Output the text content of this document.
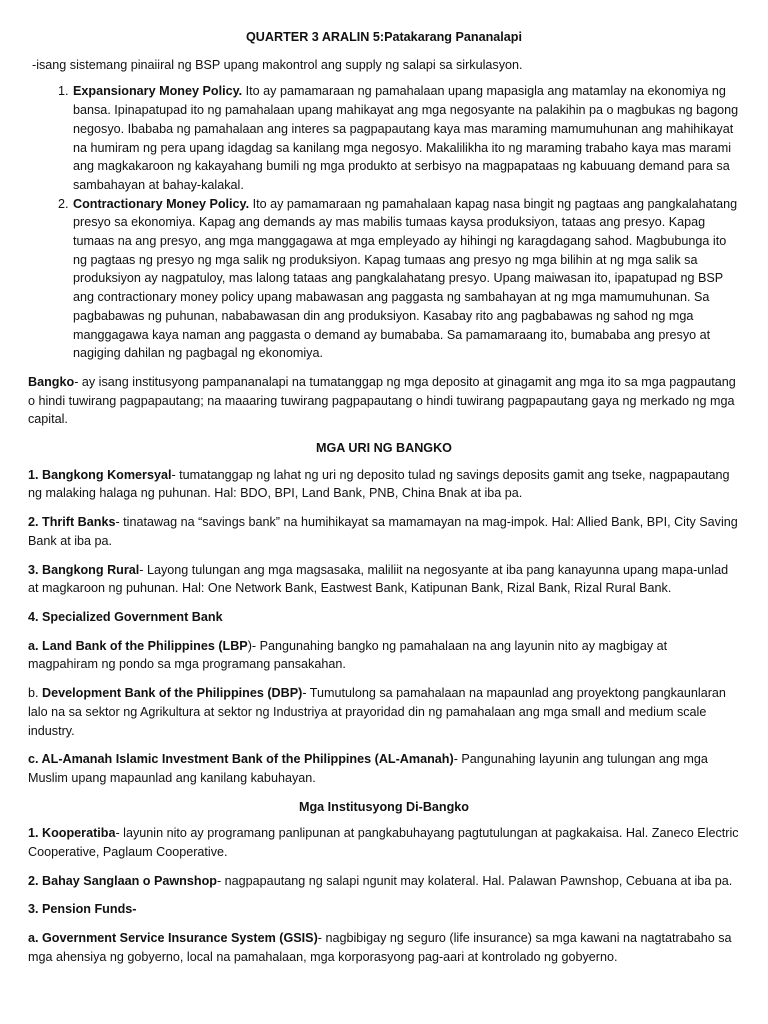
QUARTER 3 ARALIN 5:Patakarang Pananalapi
-isang sistemang pinaiiral ng BSP upang makontrol ang supply ng salapi sa sirkulasyon.
1. Expansionary Money Policy. Ito ay pamamaraan ng pamahalaan upang mapasigla ang matamlay na ekonomiya ng bansa. Ipinapatupad ito ng pamahalaan upang mahikayat ang mga negosyante na palakihin pa o magbukas ng bagong negosyo. Ibababa ng pamahalaan ang interes sa pagpapautang kaya mas maraming mamumuhunan ang mahihikayat na humiram ng pera upang idagdag sa kanilang mga negosyo. Makalilikha ito ng maraming trabaho kaya mas marami ang magkakaroon ng kakayahang bumili ng mga produkto at serbisyo na magpapataas ng kabuuang demand para sa sambahayan at bahay-kalakal.
2. Contractionary Money Policy. Ito ay pamamaraan ng pamahalaan kapag nasa bingit ng pagtaas ang pangkalahatang presyo sa ekonomiya. Kapag ang demands ay mas mabilis tumaas kaysa produksiyon, tataas ang presyo. Kapag tumaas na ang presyo, ang mga manggagawa at mga empleyado ay hihingi ng karagdagang sahod. Magbubunga ito ng pagtaas ng presyo ng mga salik ng produksiyon. Kapag tumaas ang presyo ng mga bilihin at ng mga salik sa produksiyon ay nagpatuloy, mas lalong tataas ang pangkalahatang presyo. Upang maiwasan ito, ipapatupad ng BSP ang contractionary money policy upang mabawasan ang paggasta ng sambahayan at ng mga mamumuhunan. Sa pagbabawas ng puhunan, nababawasan din ang produksiyon. Kasabay rito ang pagbabawas ng sahod ng mga manggagawa kaya naman ang paggasta o demand ay bumababa. Sa pamamaraang ito, bumababa ang presyo at nagiging dahilan ng pagbagal ng ekonomiya.

Bangko- ay isang institusyong pampananalapi na tumatanggap ng mga deposito at ginagamit ang mga ito sa mga pagpautang o hindi tuwirang pagpapautang; na maaaring tuwirang pagpapautang o hindi tuwirang pagpapautang gaya ng merkado ng mga capital.

MGA URI NG BANGKO

1. Bangkong Komersyal- tumatanggap ng lahat ng uri ng deposito tulad ng savings deposits gamit ang tseke, nagpapautang ng malaking halaga ng puhunan. Hal: BDO, BPI, Land Bank, PNB, China Bnak at iba pa.

2. Thrift Banks- tinatawag na “savings bank” na humihikayat sa mamamayan na mag-impok. Hal: Allied Bank, BPI, City Saving Bank at iba pa.

3. Bangkong Rural- Layong tulungan ang mga magsasaka, maliliit na negosyante at iba pang kanayunna upang mapa-unlad at magkaroon ng puhunan. Hal: One Network Bank, Eastwest Bank, Katipunan Bank, Rizal Bank, Rizal Rural Bank.

4. Specialized Government Bank

a. Land Bank of the Philippines (LBP)- Pangunahing bangko ng pamahalaan na ang layunin nito ay magbigay at magpahiram ng pondo sa mga programang pansakahan.

b. Development Bank of the Philippines (DBP)- Tumutulong sa pamahalaan na mapaunlad ang proyektong pangkaunlaran lalo na sa sektor ng Agrikultura at sektor ng Industriya at prayoridad din ng pamahalaan ang mga small and medium scale industry.

c. AL-Amanah Islamic Investment Bank of the Philippines (AL-Amanah)- Pangunahing layunin ang tulungan ang mga Muslim upang mapaunlad ang kanilang kabuhayan.

Mga Institusyong Di-Bangko

1. Kooperatiba- layunin nito ay programang panlipunan at pangkabuhayang pagtutulungan at pagkakaisa. Hal. Zaneco Electric Cooperative, Paglaum Cooperative.

2. Bahay Sanglaan o Pawnshop- nagpapautang ng salapi ngunit may kolateral. Hal. Palawan Pawnshop, Cebuana at iba pa.

3. Pension Funds-

a. Government Service Insurance System (GSIS)- nagbibigay ng seguro (life insurance) sa mga kawani na nagtatrabaho sa mga ahensiya ng gobyerno, local na pamahalaan, mga korporasyong pag-aari at kontrolado ng gobyerno.
